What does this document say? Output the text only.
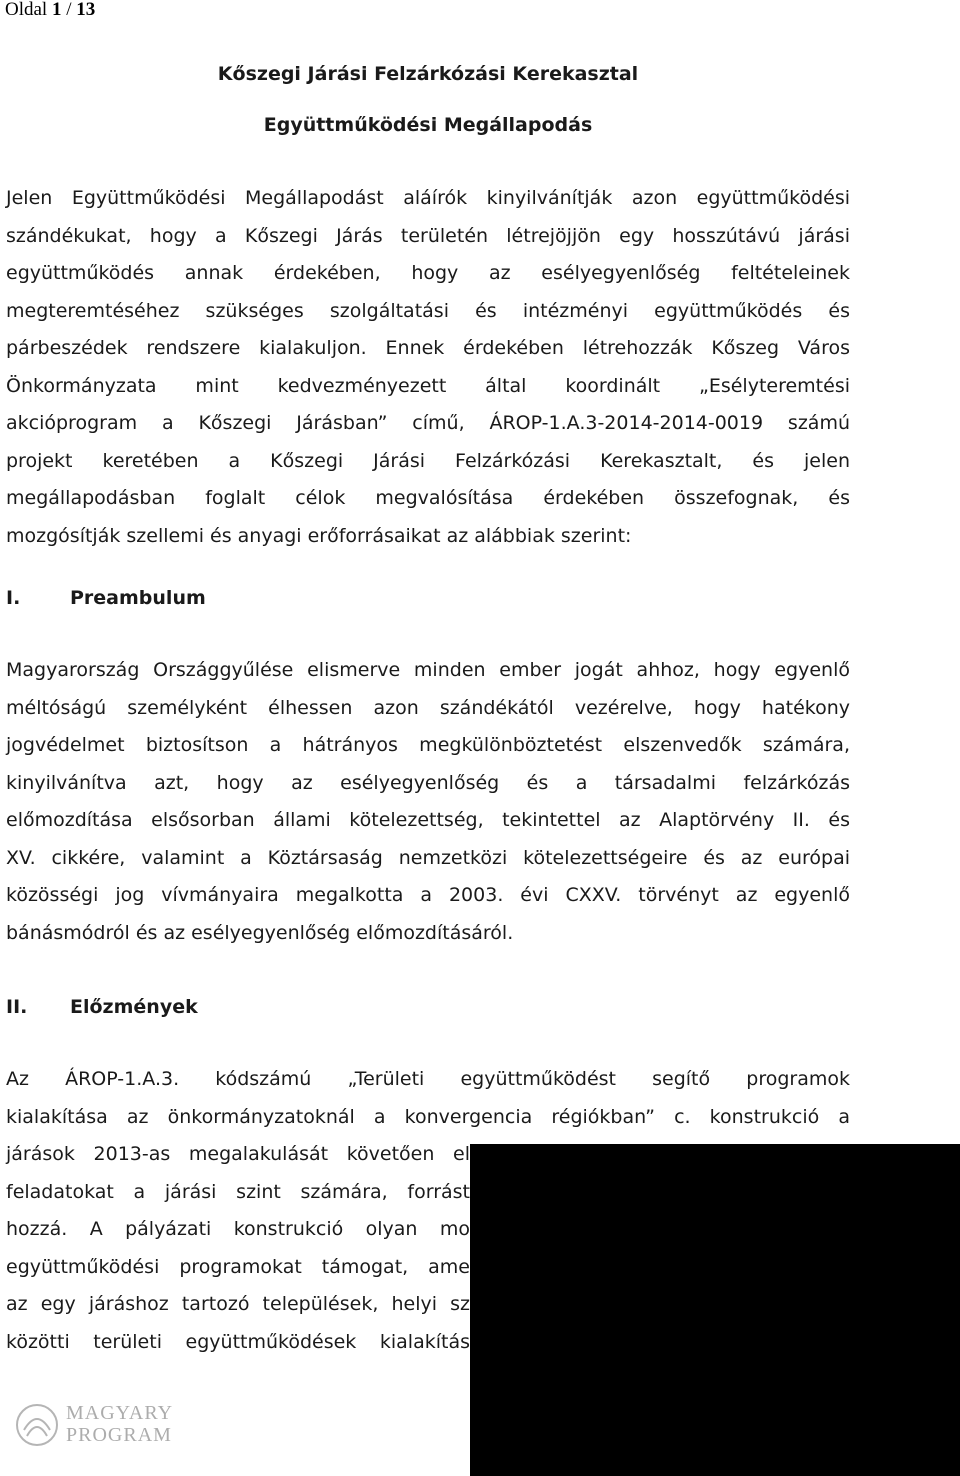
Oldal 1 / 13
Kőszegi Járási Felzárkózási Kerekasztal
Együttműködési Megállapodás
Jelen Együttműködési Megállapodást aláírók kinyilvánítják azon együttműködési
szándékukat, hogy a Kőszegi Járás területén létrejöjjön egy hosszútávú járási
együttműködés annak érdekében, hogy az esélyegyenlőség feltételeinek
megteremtéséhez szükséges szolgáltatási és intézményi együttműködés és
párbeszédek rendszere kialakuljon. Ennek érdekében létrehozzák Kőszeg Város
Önkormányzata mint kedvezményezett által koordinált „Esélyteremtési
akcióprogram a Kőszegi Járásban” című, ÁROP-1.A.3-2014-2014-0019 számú
projekt keretében a Kőszegi Járási Felzárkózási Kerekasztalt, és jelen
megállapodásban foglalt célok megvalósítása érdekében összefognak, és
mozgósítják szellemi és anyagi erőforrásaikat az alábbiak szerint:
I.	Preambulum
Magyarország Országgyűlése elismerve minden ember jogát ahhoz, hogy egyenlő
méltóságú személyként élhessen azon szándékától vezérelve, hogy hatékony
jogvédelmet biztosítson a hátrányos megkülönböztetést elszenvedők számára,
kinyilvánítva azt, hogy az esélyegyenlőség és a társadalmi felzárkózás
előmozdítása elsősorban állami kötelezettség, tekintettel az Alaptörvény II. és
XV. cikkére, valamint a Köztársaság nemzetközi kötelezettségeire és az európai
közösségi jog vívmányaira megalkotta a 2003. évi CXXV. törvényt az egyenlő
bánásmódról és az esélyegyenlőség előmozdításáról.
II. Előzmények
Az ÁROP-1.A.3. kódszámú „Területi együttműködést segítő programok
kialakítása az önkormányzatoknál a konvergencia régiókban” c. konstrukció a
járások 2013-as megalakulását követően el
feladatokat a járási szint számára, forrást
hozzá. A pályázati konstrukció olyan mo
együttműködési programokat támogat, ame
az egy járáshoz tartozó települések, helyi sz
közötti területi együttműködések kialakítás
MAGYARY
PROGRAM
